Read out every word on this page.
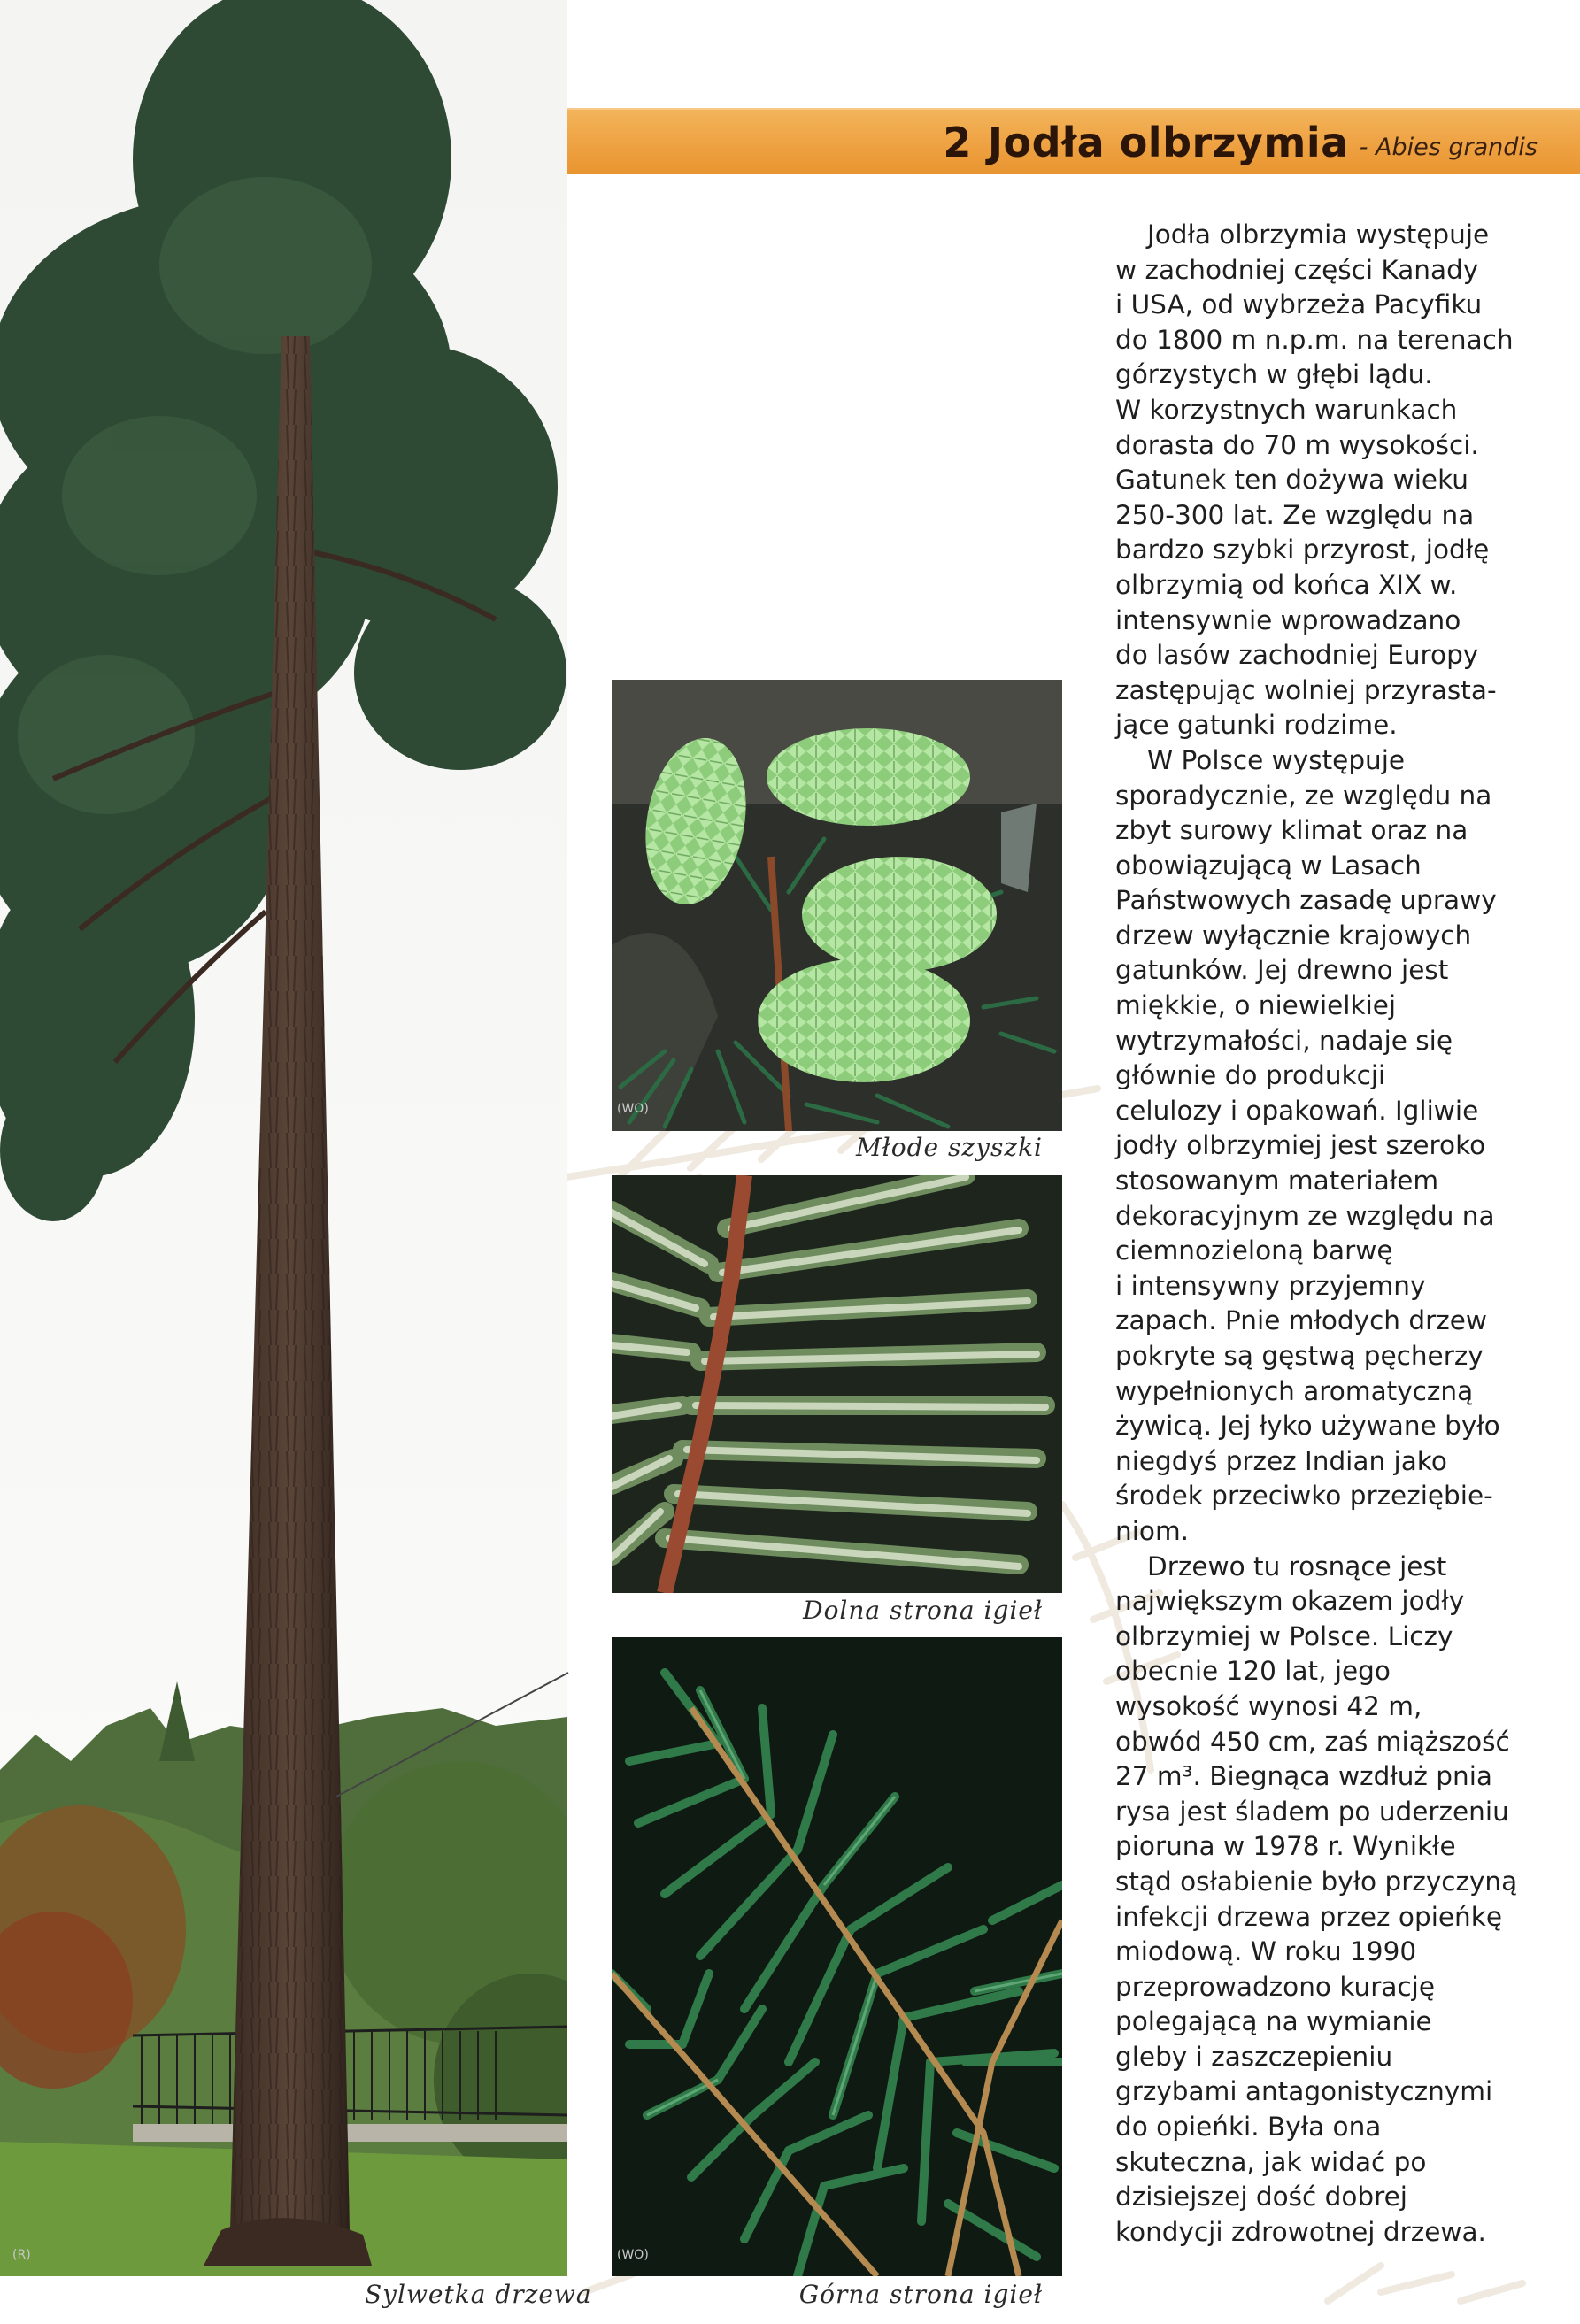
2 Jodła olbrzymia - Abies grandis
(R)
Sylwetka drzewa
(WO)
Młode szyszki
Dolna strona igieł
(WO)
Górna strona igieł
Jodła olbrzymia występuje
w zachodniej części Kanady
i USA, od wybrzeża Pacyfiku
do 1800 m n.p.m. na terenach
górzystych w głębi lądu.
W korzystnych warunkach
dorasta do 70 m wysokości.
Gatunek ten dożywa wieku
250-300 lat. Ze względu na
bardzo szybki przyrost, jodłę
olbrzymią od końca XIX w.
intensywnie wprowadzano
do lasów zachodniej Europy
zastępując wolniej przyrasta-
jące gatunki rodzime.
W Polsce występuje
sporadycznie, ze względu na
zbyt surowy klimat oraz na
obowiązującą w Lasach
Państwowych zasadę uprawy
drzew wyłącznie krajowych
gatunków. Jej drewno jest
miękkie, o niewielkiej
wytrzymałości, nadaje się
głównie do produkcji
celulozy i opakowań. Igliwie
jodły olbrzymiej jest szeroko
stosowanym materiałem
dekoracyjnym ze względu na
ciemnozieloną barwę
i intensywny przyjemny
zapach. Pnie młodych drzew
pokryte są gęstwą pęcherzy
wypełnionych aromatyczną
żywicą. Jej łyko używane było
niegdyś przez Indian jako
środek przeciwko przeziębie-
niom.
Drzewo tu rosnące jest
największym okazem jodły
olbrzymiej w Polsce. Liczy
obecnie 120 lat, jego
wysokość wynosi 42 m,
obwód 450 cm, zaś miąższość
27 m³. Biegnąca wzdłuż pnia
rysa jest śladem po uderzeniu
pioruna w 1978 r. Wynikłe
stąd osłabienie było przyczyną
infekcji drzewa przez opieńkę
miodową. W roku 1990
przeprowadzono kurację
polegającą na wymianie
gleby i zaszczepieniu
grzybami antagonistycznymi
do opieńki. Była ona
skuteczna, jak widać po
dzisiejszej dość dobrej
kondycji zdrowotnej drzewa.
